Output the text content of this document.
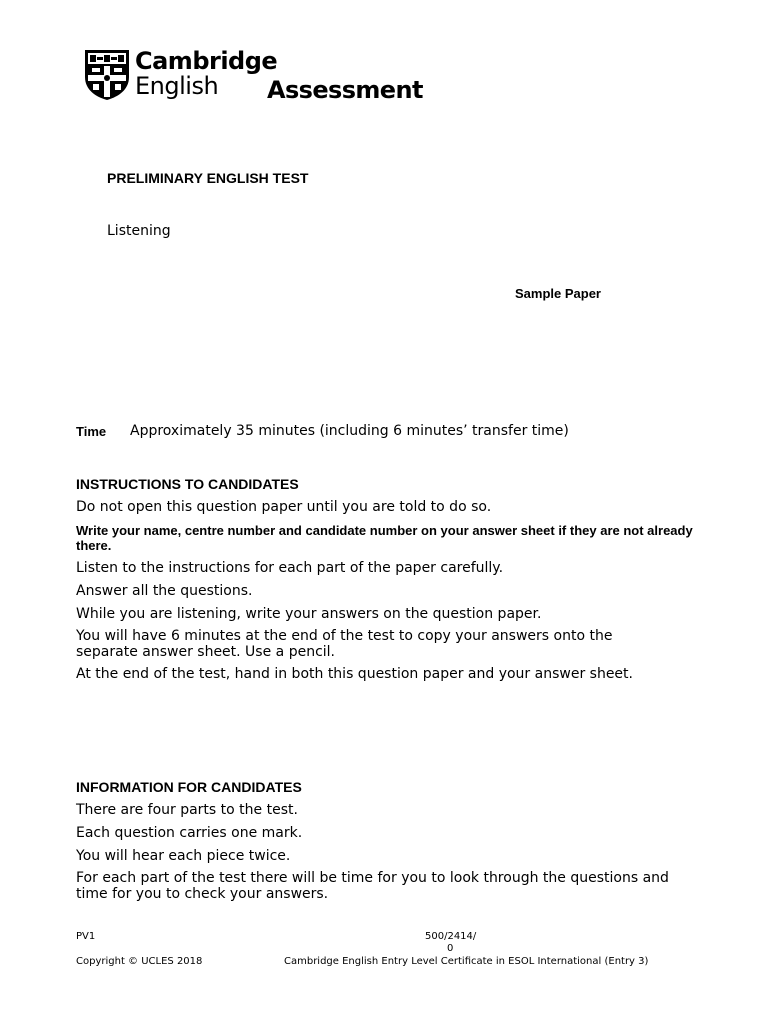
Cambridge
English Assessment
PRELIMINARY ENGLISH TEST
Listening
Sample Paper
Time Approximately 35 minutes (including 6 minutes’ transfer time)
INSTRUCTIONS TO CANDIDATES
Do not open this question paper until you are told to do so.
Write your name, centre number and candidate number on your answer sheet if they are not already there.
Listen to the instructions for each part of the paper carefully.
Answer all the questions.
While you are listening, write your answers on the question paper.
You will have 6 minutes at the end of the test to copy your answers onto the separate answer sheet. Use a pencil.
At the end of the test, hand in both this question paper and your answer sheet.
INFORMATION FOR CANDIDATES
There are four parts to the test.
Each question carries one mark.
You will hear each piece twice.
For each part of the test there will be time for you to look through the questions and time for you to check your answers.
PV1	500/2414/
0
Copyright © UCLES 2018	Cambridge English Entry Level Certificate in ESOL International (Entry 3)
